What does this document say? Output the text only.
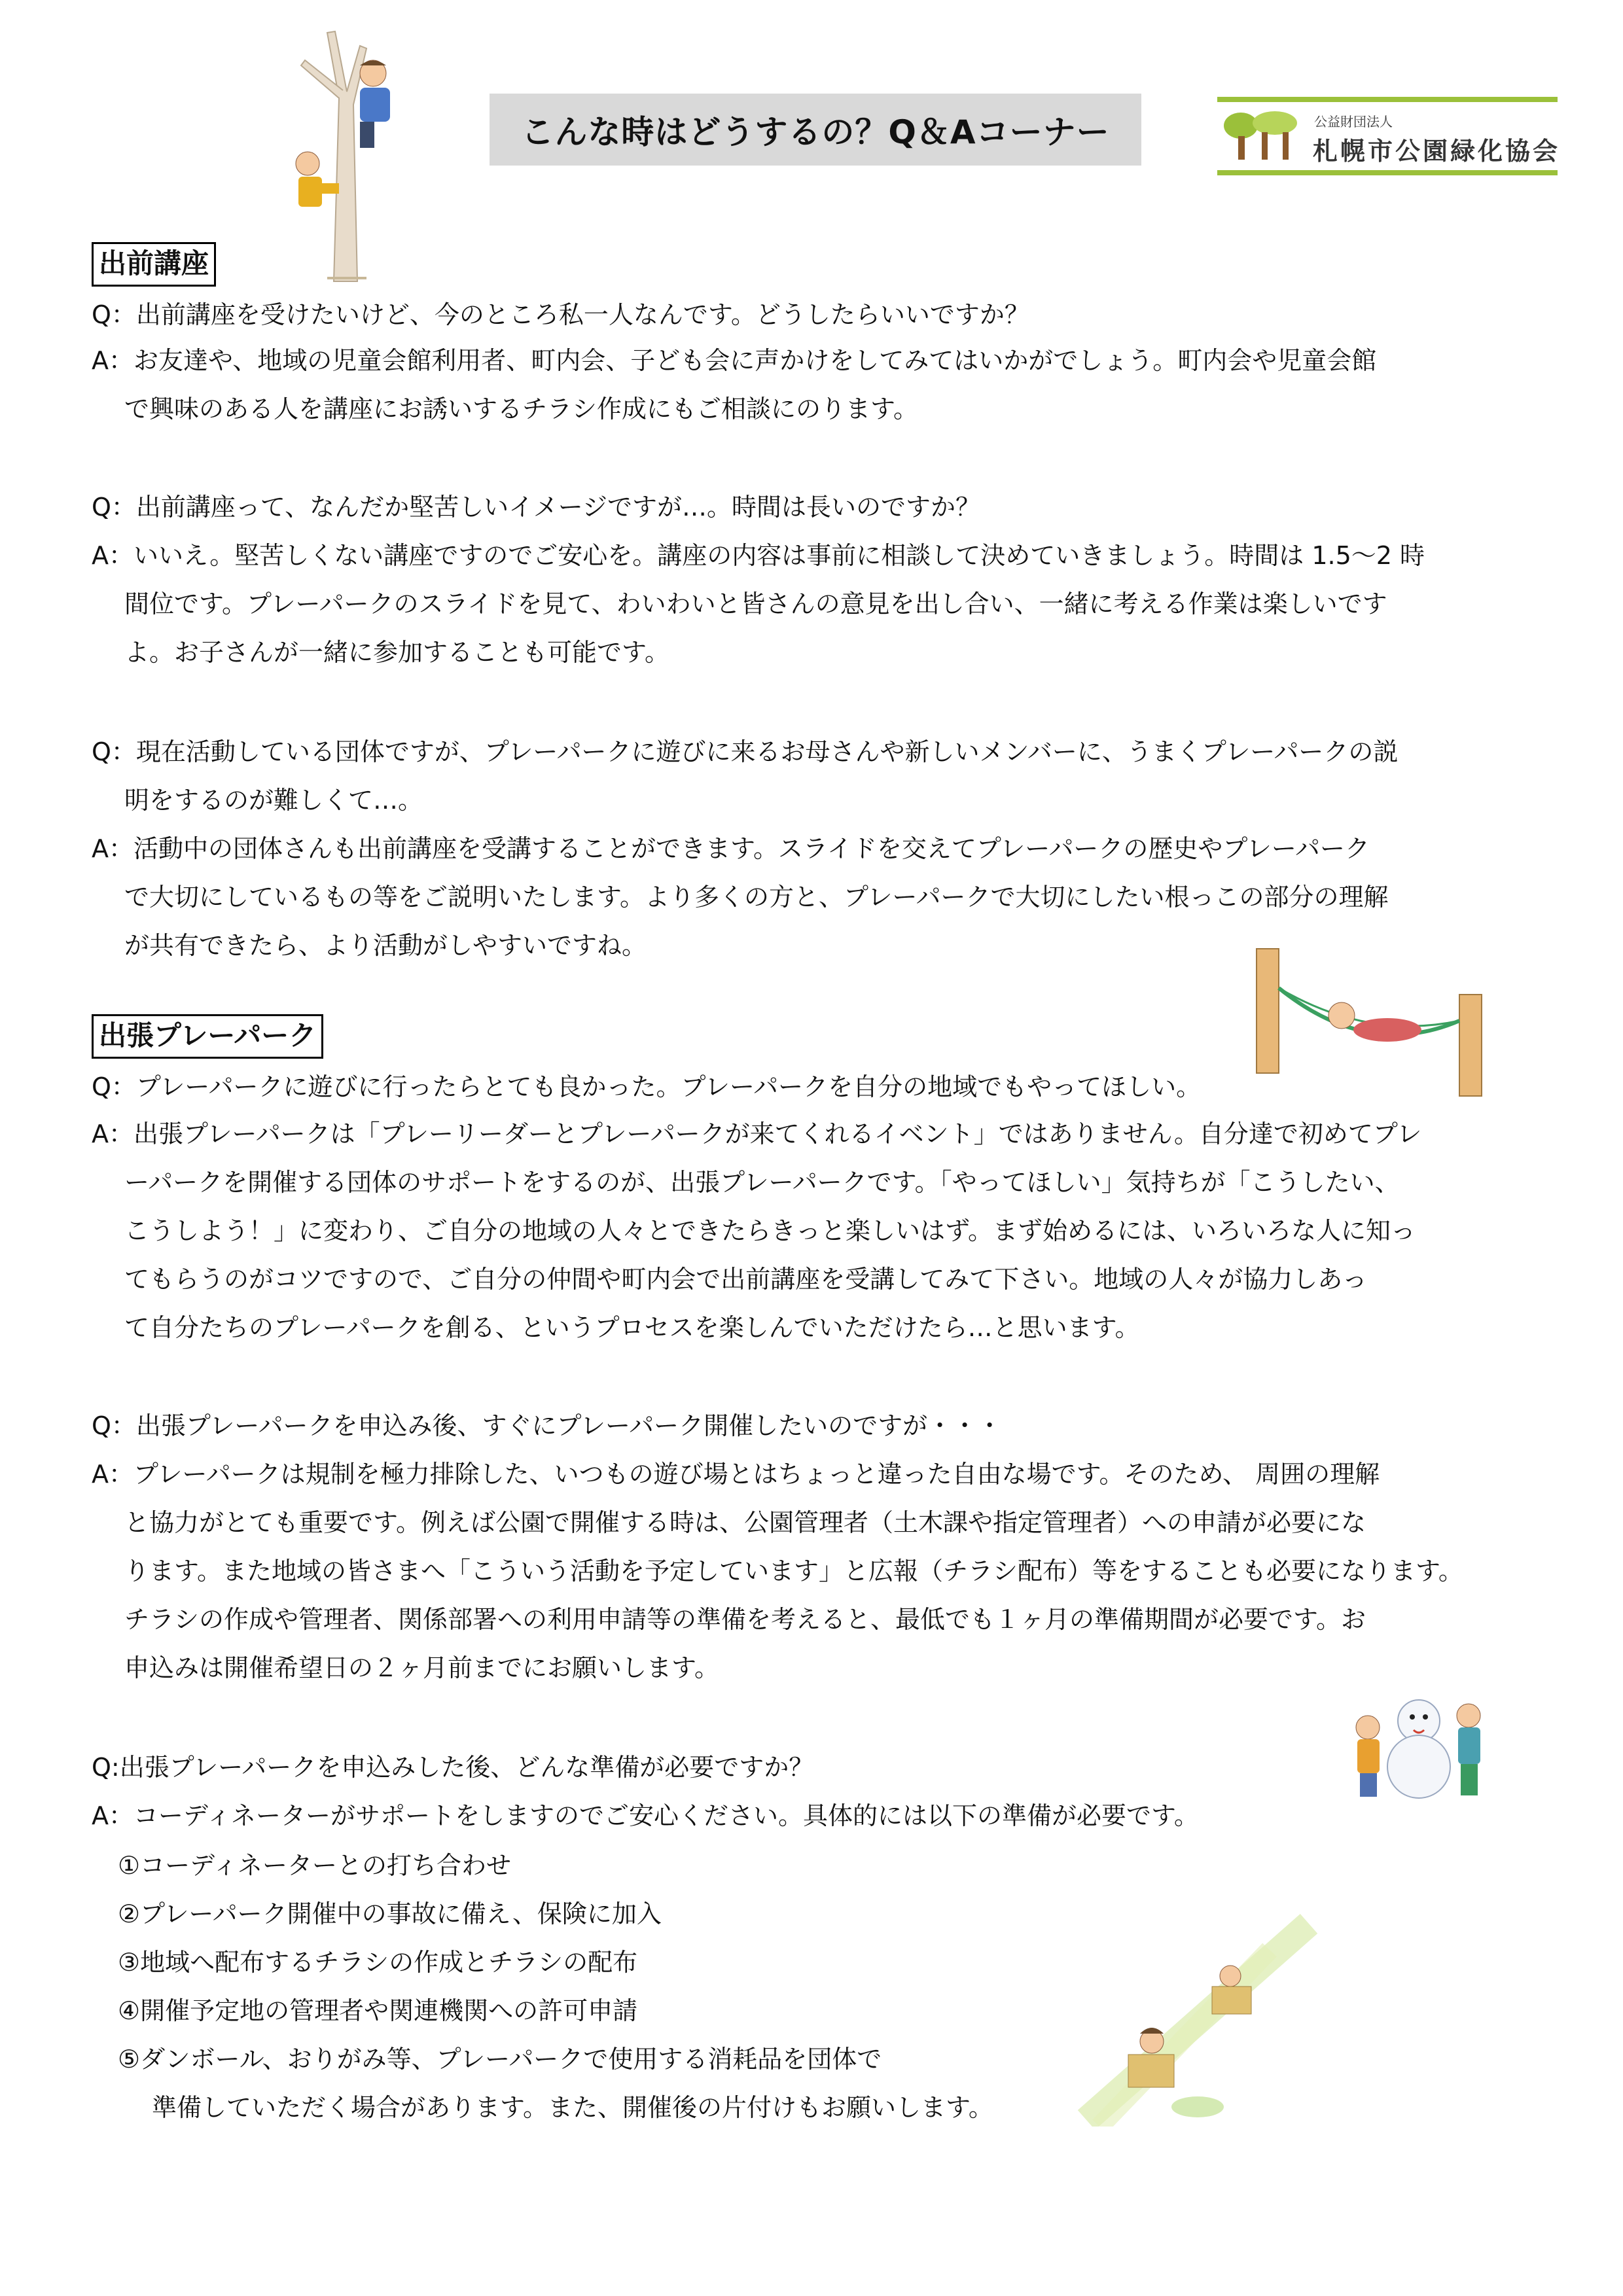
こんな時はどうするの？Q＆Aコーナー	公益財団法人
札幌市公園緑化協会
出前講座
Q：出前講座を受けたいけど、今のところ私一人なんです。どうしたらいいですか？
A：お友達や、地域の児童会館利用者、町内会、子ども会に声かけをしてみてはいかがでしょう。町内会や児童会館
で興味のある人を講座にお誘いするチラシ作成にもご相談にのります。
Q：出前講座って、なんだか堅苦しいイメージですが…。時間は長いのですか？
A：いいえ。堅苦しくない講座ですのでご安心を。講座の内容は事前に相談して決めていきましょう。時間は 1.5〜2 時
間位です。プレーパークのスライドを見て、わいわいと皆さんの意見を出し合い、一緒に考える作業は楽しいです
よ。お子さんが一緒に参加することも可能です。
Q：現在活動している団体ですが、プレーパークに遊びに来るお母さんや新しいメンバーに、うまくプレーパークの説
明をするのが難しくて…。
A：活動中の団体さんも出前講座を受講することができます。スライドを交えてプレーパークの歴史やプレーパーク
で大切にしているもの等をご説明いたします。より多くの方と、プレーパークで大切にしたい根っこの部分の理解
が共有できたら、より活動がしやすいですね。
出張プレーパーク
Q：プレーパークに遊びに行ったらとても良かった。プレーパークを自分の地域でもやってほしい。
A：出張プレーパークは「プレーリーダーとプレーパークが来てくれるイベント」ではありません。自分達で初めてプレ
ーパークを開催する団体のサポートをするのが、出張プレーパークです。「やってほしい」気持ちが「こうしたい、
こうしよう！」に変わり、ご自分の地域の人々とできたらきっと楽しいはず。まず始めるには、いろいろな人に知っ
てもらうのがコツですので、ご自分の仲間や町内会で出前講座を受講してみて下さい。地域の人々が協力しあっ
て自分たちのプレーパークを創る、というプロセスを楽しんでいただけたら…と思います。
Q：出張プレーパークを申込み後、すぐにプレーパーク開催したいのですが・・・
A：プレーパークは規制を極力排除した、いつもの遊び場とはちょっと違った自由な場です。そのため、 周囲の理解
と協力がとても重要です。例えば公園で開催する時は、公園管理者（土木課や指定管理者）への申請が必要にな
ります。また地域の皆さまへ「こういう活動を予定しています」と広報（チラシ配布）等をすることも必要になります。
チラシの作成や管理者、関係部署への利用申請等の準備を考えると、最低でも１ヶ月の準備期間が必要です。お
申込みは開催希望日の２ヶ月前までにお願いします。
Q:出張プレーパークを申込みした後、どんな準備が必要ですか？
A：コーディネーターがサポートをしますのでご安心ください。具体的には以下の準備が必要です。
①コーディネーターとの打ち合わせ
②プレーパーク開催中の事故に備え、保険に加入
③地域へ配布するチラシの作成とチラシの配布
④開催予定地の管理者や関連機関への許可申請
⑤ダンボール、おりがみ等、プレーパークで使用する消耗品を団体で
準備していただく場合があります。また、開催後の片付けもお願いします。
